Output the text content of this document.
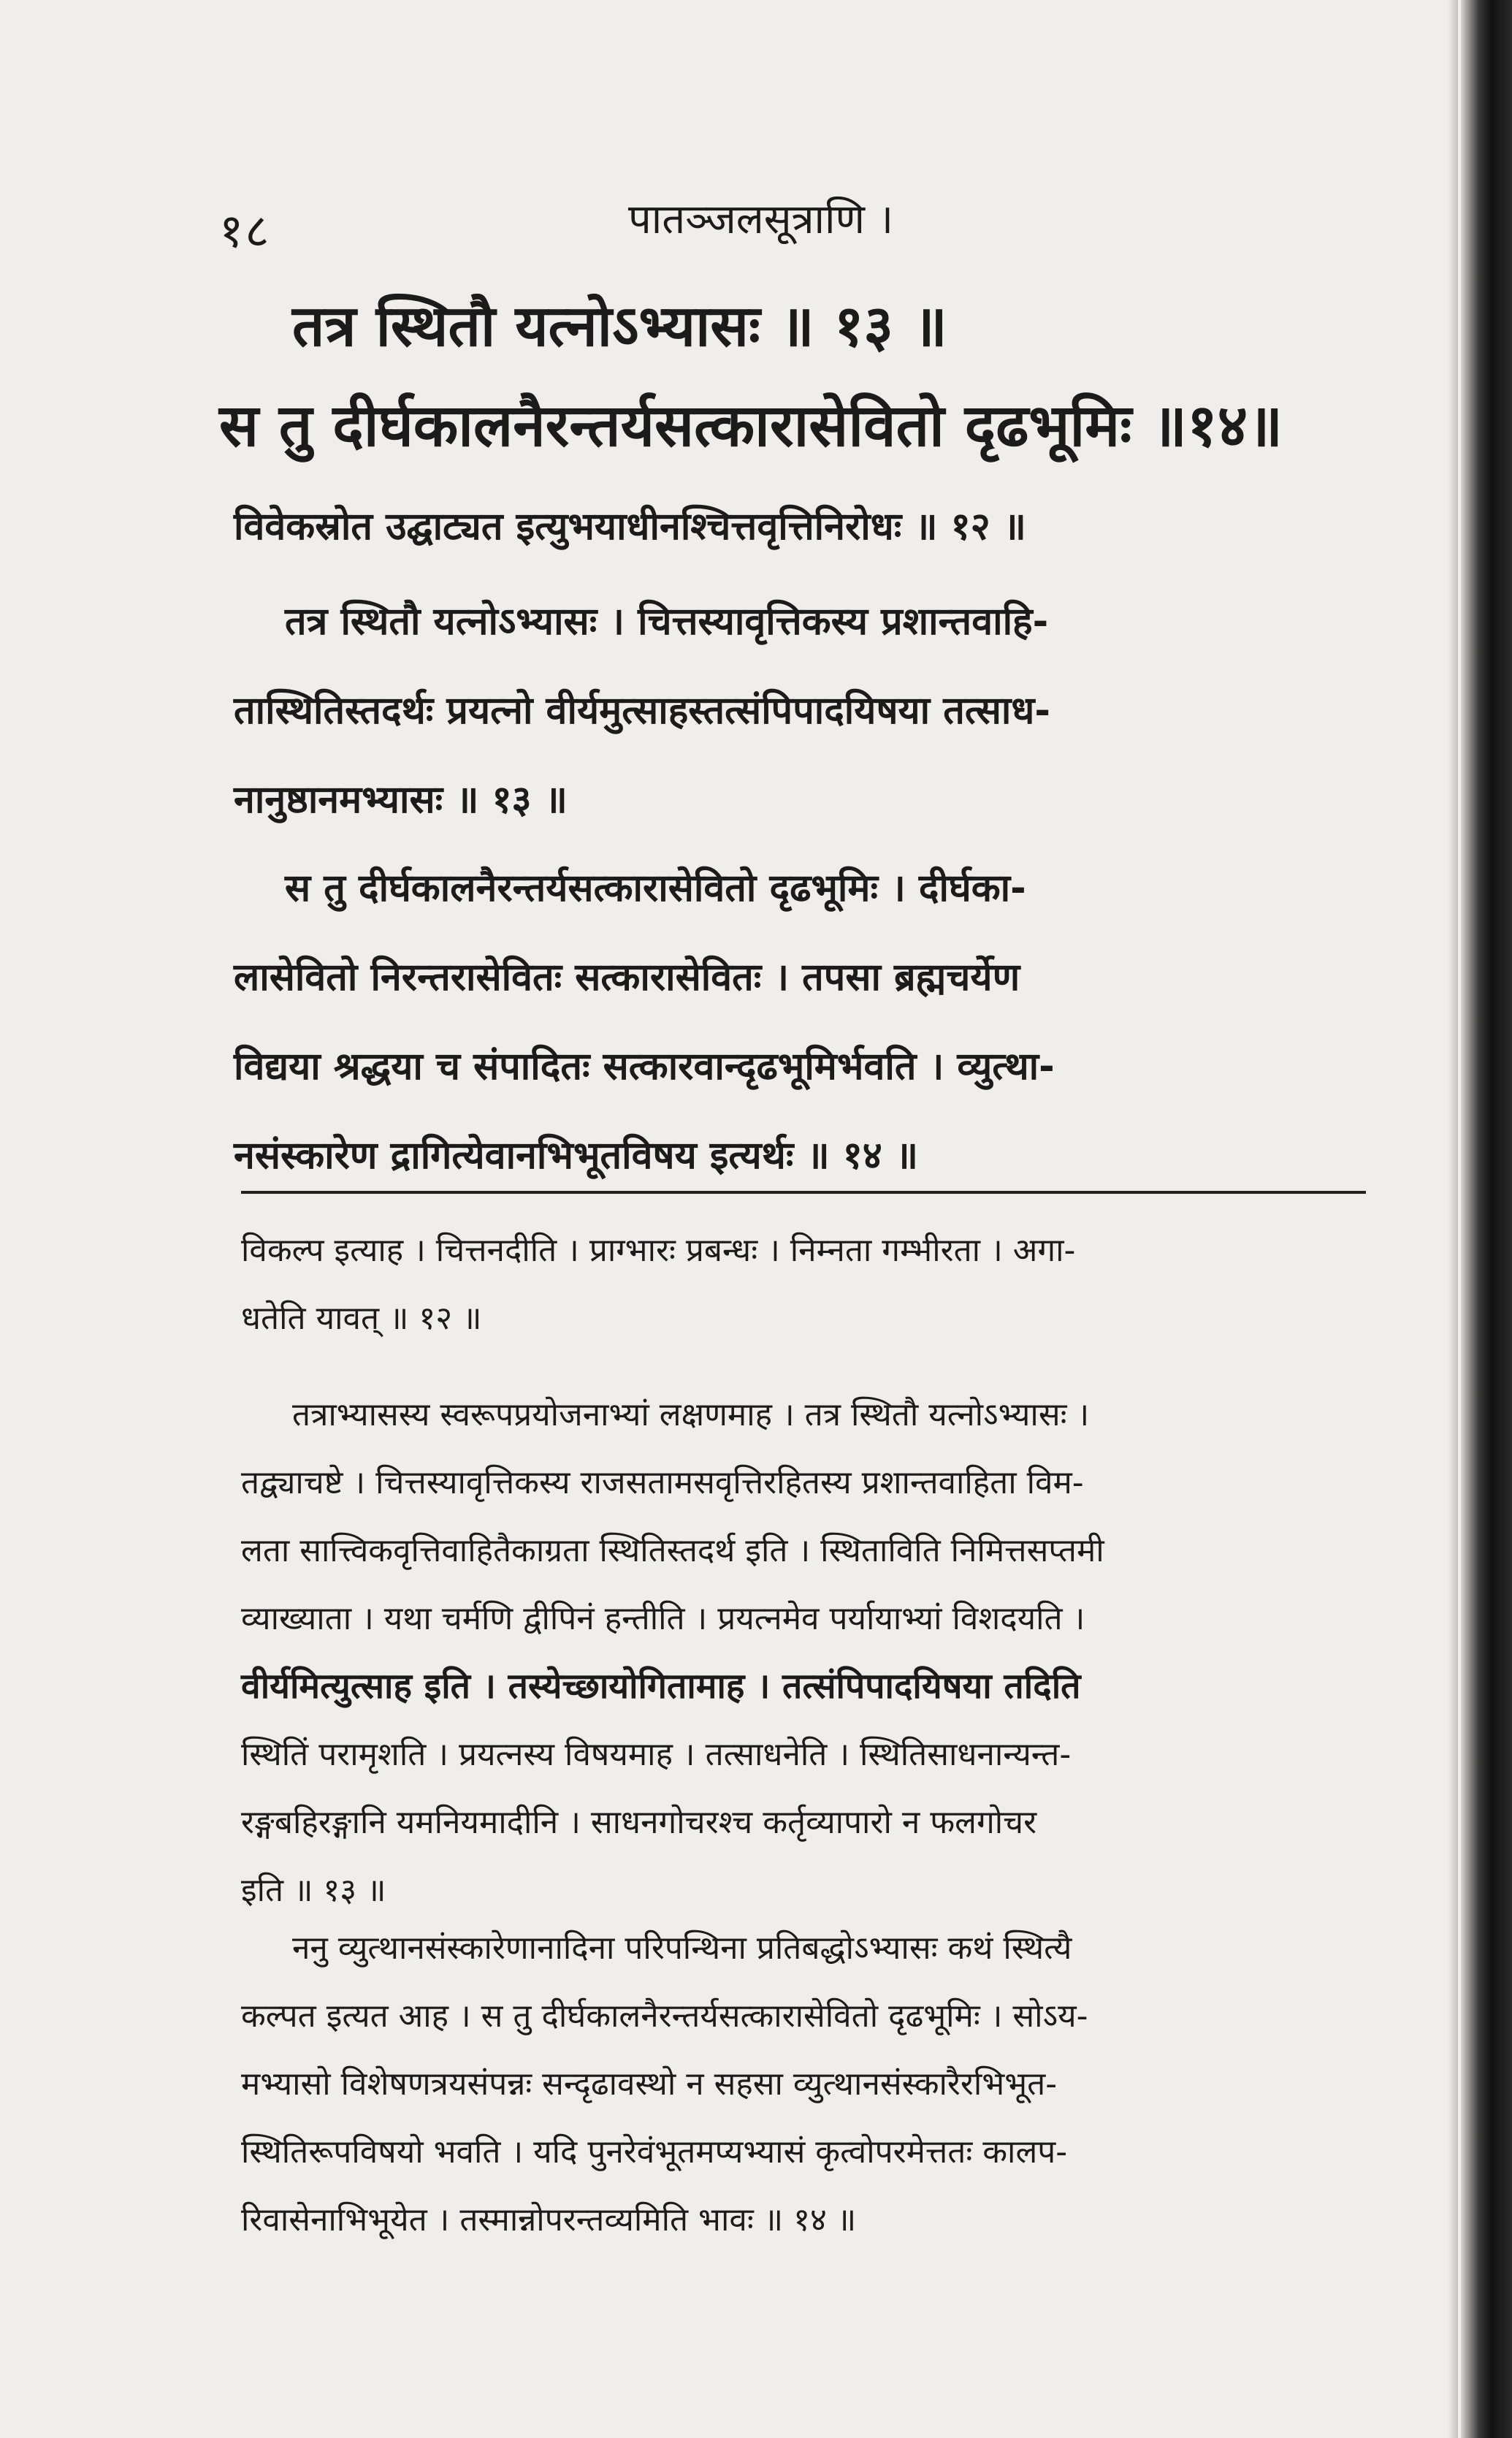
१८	पातञ्जलसूत्राणि ।
तत्र स्थितौ यत्नोऽभ्यासः ॥ १३ ॥
स तु दीर्घकालनैरन्तर्यसत्कारासेवितो दृढभूमिः ॥१४॥
विवेकस्रोत उद्घाट्यत इत्युभयाधीनश्चित्तवृत्तिनिरोधः ॥ १२ ॥
तत्र स्थितौ यत्नोऽभ्यासः । चित्तस्यावृत्तिकस्य प्रशान्तवाहि-
तास्थितिस्तदर्थः प्रयत्नो वीर्यमुत्साहस्तत्संपिपादयिषया तत्साध-
नानुष्ठानमभ्यासः ॥ १३ ॥
स तु दीर्घकालनैरन्तर्यसत्कारासेवितो दृढभूमिः । दीर्घका-
लासेवितो निरन्तरासेवितः सत्कारासेवितः । तपसा ब्रह्मचर्येण
विद्यया श्रद्धया च संपादितः सत्कारवान्दृढभूमिर्भवति । व्युत्था-
नसंस्कारेण द्रागित्येवानभिभूतविषय इत्यर्थः ॥ १४ ॥
विकल्प इत्याह । चित्तनदीति । प्राग्भारः प्रबन्धः । निम्नता गम्भीरता । अगा-
धतेति यावत् ॥ १२ ॥
तत्राभ्यासस्य स्वरूपप्रयोजनाभ्यां लक्षणमाह । तत्र स्थितौ यत्नोऽभ्यासः ।
तद्व्याचष्टे । चित्तस्यावृत्तिकस्य राजसतामसवृत्तिरहितस्य प्रशान्तवाहिता विम-
लता सात्त्विकवृत्तिवाहितैकाग्रता स्थितिस्तदर्थ इति । स्थिताविति निमित्तसप्तमी
व्याख्याता । यथा चर्मणि द्वीपिनं हन्तीति । प्रयत्नमेव पर्यायाभ्यां विशदयति ।
वीर्यमित्युत्साह इति । तस्येच्छायोगितामाह । तत्संपिपादयिषया तदिति
स्थितिं परामृशति । प्रयत्नस्य विषयमाह । तत्साधनेति । स्थितिसाधनान्यन्त-
रङ्गबहिरङ्गानि यमनियमादीनि । साधनगोचरश्च कर्तृव्यापारो न फलगोचर
इति ॥ १३ ॥
ननु व्युत्थानसंस्कारेणानादिना परिपन्थिना प्रतिबद्धोऽभ्यासः कथं स्थित्यै
कल्पत इत्यत आह । स तु दीर्घकालनैरन्तर्यसत्कारासेवितो दृढभूमिः । सोऽय-
मभ्यासो विशेषणत्रयसंपन्नः सन्दृढावस्थो न सहसा व्युत्थानसंस्कारैरभिभूत-
स्थितिरूपविषयो भवति । यदि पुनरेवंभूतमप्यभ्यासं कृत्वोपरमेत्ततः कालप-
रिवासेनाभिभूयेत । तस्मान्नोपरन्तव्यमिति भावः ॥ १४ ॥
